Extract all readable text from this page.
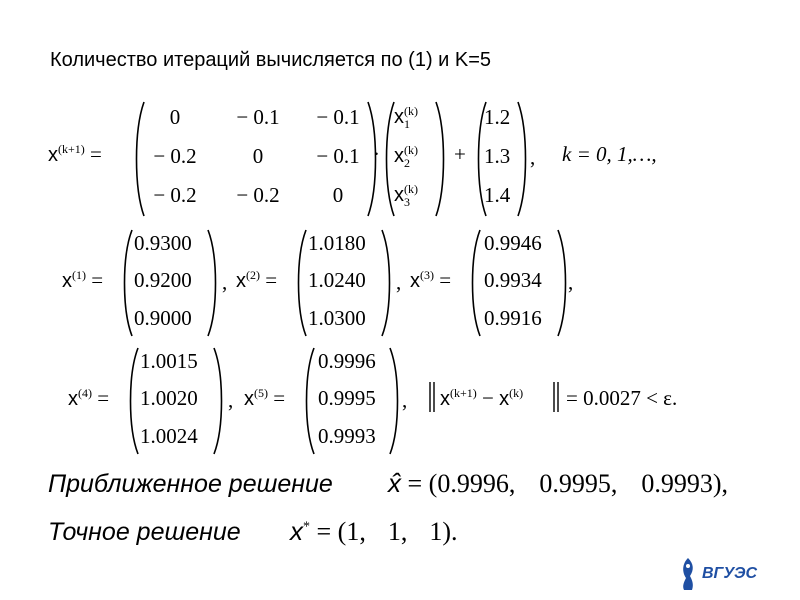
Количество итераций вычисляется по (1) и K=5
$x^{(k+1)}$ =
0	− 0.1	− 0.1
− 0.2	0	− 0.1
− 0.2	− 0.2	0
·
$x_1^{(k)}$
$x_2^{(k)}$
$x_3^{(k)}$
+
1.2
1.3
1.4
, k = 0, 1,…,
$x^{(1)}$ =
0.9300
0.9200
0.9000
, $x^{(2)}$ =
1.0180
1.0240
1.0300
, $x^{(3)}$ =
0.9946
0.9934
0.9916
,
$x^{(4)}$ =
1.0015
1.0020
1.0024
, $x^{(5)}$ =
0.9996
0.9995
0.9993
, $x^{(k+1)} - x^{(k)} = 0.0027 < \varepsilon$.
Приближенное решение x̂ = (0.9996, 0.9995, 0.9993),
Точное решение x* = (1, 1, 1).
ВГУЭС
